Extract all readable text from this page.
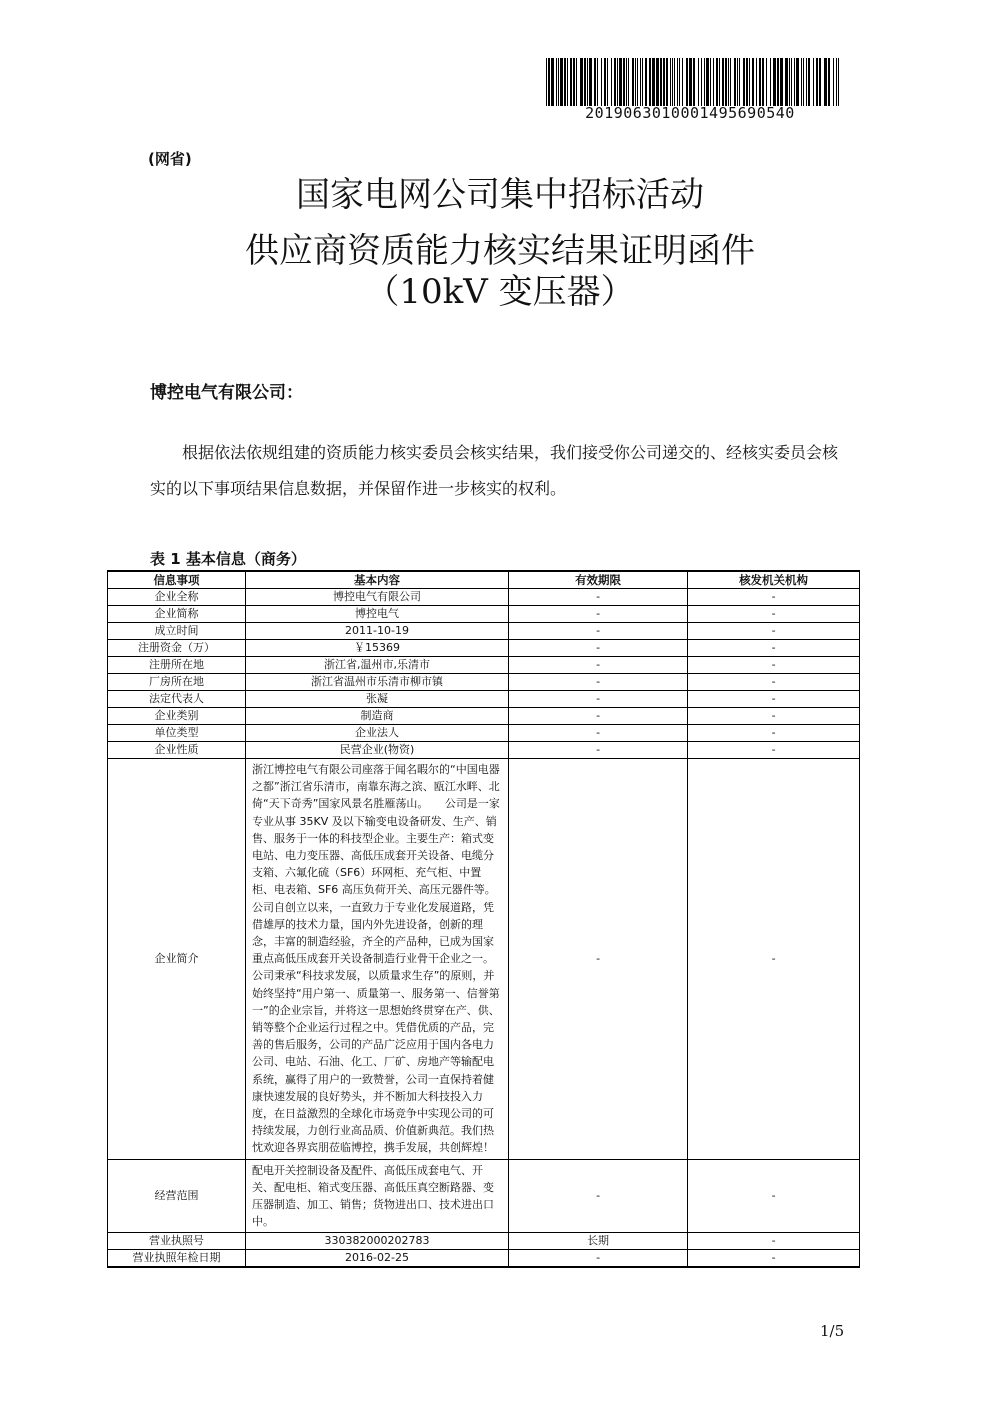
2019063010001495690540
(网省)
国家电网公司集中招标活动
供应商资质能力核实结果证明函件
（10kV 变压器）
博控电气有限公司：
根据依法依规组建的资质能力核实委员会核实结果，我们接受你公司递交的、经核实委员会核实的以下事项结果信息数据，并保留作进一步核实的权利。
表 1 基本信息（商务）
信息事项	基本内容	有效期限	核发机关机构
企业全称	博控电气有限公司	-	-
企业简称	博控电气	-	-
成立时间	2011-10-19	-	-
注册资金（万）	￥15369	-	-
注册所在地	浙江省,温州市,乐清市	-	-
厂房所在地	浙江省温州市乐清市柳市镇	-	-
法定代表人	张凝	-	-
企业类别	制造商	-	-
单位类型	企业法人	-	-
企业性质	民营企业(物资)	-	-
企业简介	浙江博控电气有限公司座落于闻名暇尔的“中国电器之都”浙江省乐清市，南靠东海之滨、瓯江水畔、北倚“天下奇秀”国家风景名胜雁荡山。　　公司是一家专业从事 35KV 及以下输变电设备研发、生产、销售、服务于一体的科技型企业。主要生产：箱式变电站、电力变压器、高低压成套开关设备、电缆分支箱、六氟化硫（SF6）环网柜、充气柜、中置柜、电表箱、SF6 高压负荷开关、高压元器件等。　公司自创立以来，一直致力于专业化发展道路，凭借雄厚的技术力量，国内外先进设备，创新的理念，丰富的制造经验，齐全的产品种，已成为国家重点高低压成套开关设备制造行业骨干企业之一。　　公司秉承“科技求发展，以质量求生存”的原则，并始终坚持“用户第一、质量第一、服务第一、信誉第一”的企业宗旨，并将这一思想始终贯穿在产、供、销等整个企业运行过程之中。凭借优质的产品，完善的售后服务，公司的产品广泛应用于国内各电力公司、电站、石油、化工、厂矿、房地产等输配电系统，赢得了用户的一致赞誉，公司一直保持着健康快速发展的良好势头，并不断加大科技投入力度，在日益激烈的全球化市场竞争中实现公司的可持续发展，力创行业高品质、价值新典范。我们热忱欢迎各界宾朋莅临博控，携手发展，共创辉煌！	-	-
经营范围	配电开关控制设备及配件、高低压成套电气、开关、配电柜、箱式变压器、高低压真空断路器、变压器制造、加工、销售；货物进出口、技术进出口中。	-	-
营业执照号	330382000202783	长期	-
营业执照年检日期	2016-02-25	-	-
1/5
